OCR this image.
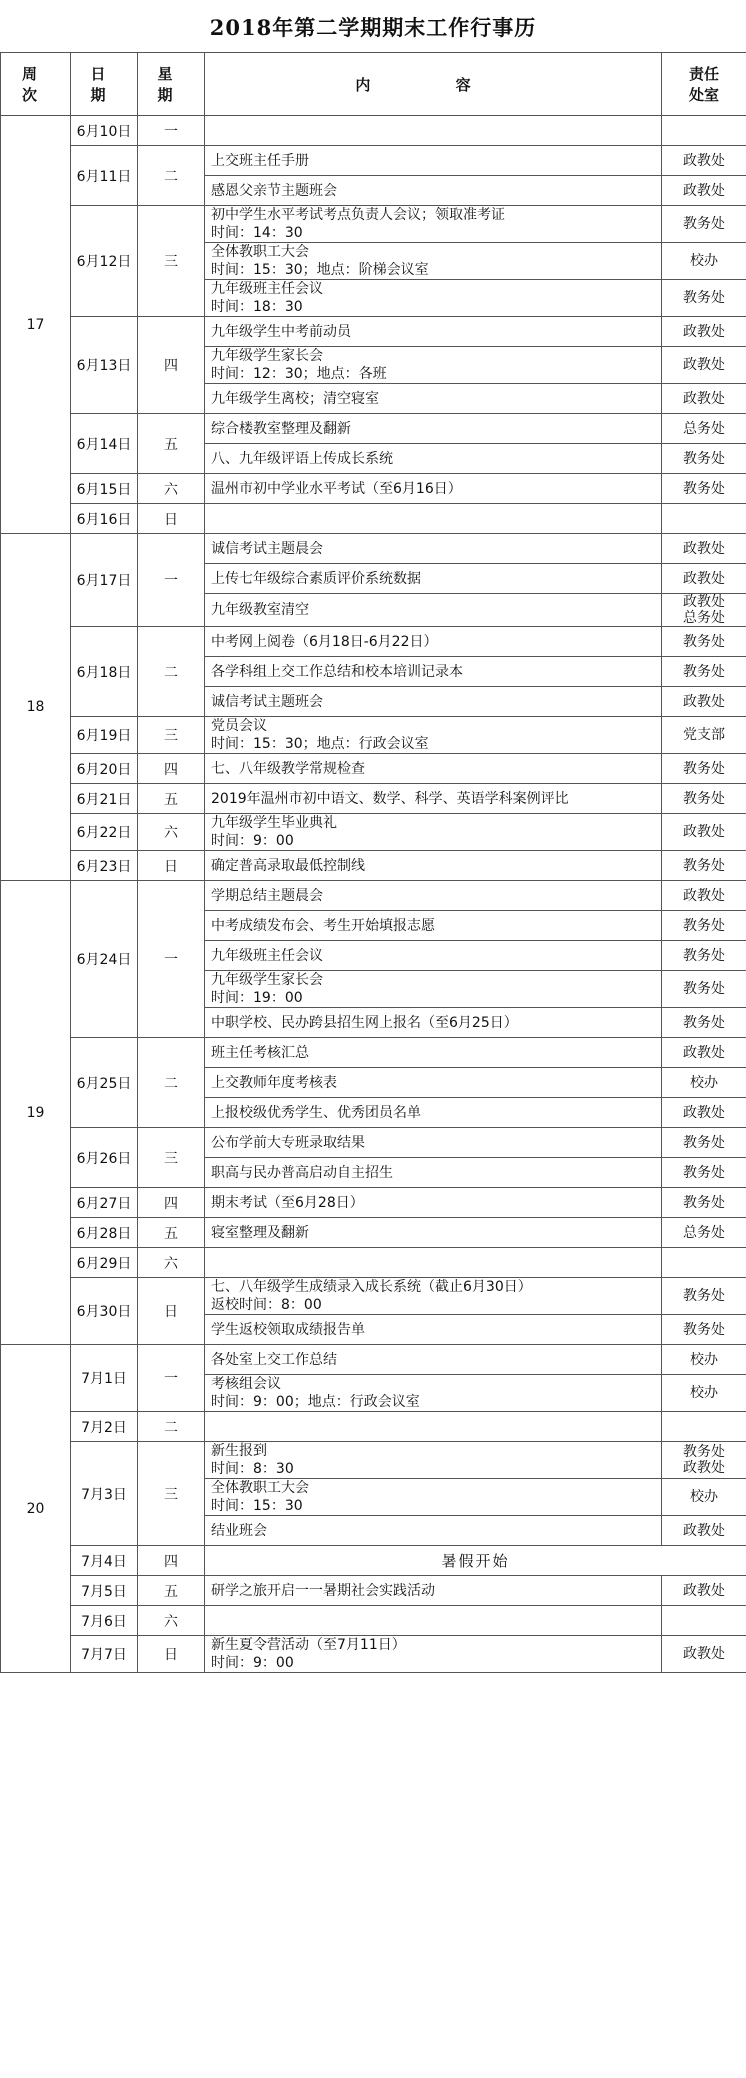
2018年第二学期期末工作行事历
周 次	日 期	星 期	内 容	责任
处室

17	6月10日	一	

	6月11日	二	上交班主任手册	政教处

			感恩父亲节主题班会	政教处

	6月12日	三	初中学生水平考试考点负责人会议；领取准考证
时间：14：30	教务处

			全体教职工大会
时间：15：30；地点：阶梯会议室	校办

			九年级班主任会议
时间：18：30	教务处

	6月13日	四	九年级学生中考前动员	政教处

			九年级学生家长会
时间：12：30；地点：各班	政教处

			九年级学生离校；清空寝室	政教处

	6月14日	五	综合楼教室整理及翻新	总务处

			八、九年级评语上传成长系统	教务处

	6月15日	六	温州市初中学业水平考试（至6月16日）	教务处

	6月16日	日	

18	6月17日	一	诚信考试主题晨会	政教处

			上传七年级综合素质评价系统数据	政教处

			九年级教室清空	政教处
总务处

	6月18日	二	中考网上阅卷（6月18日-6月22日）	教务处

			各学科组上交工作总结和校本培训记录本	教务处

			诚信考试主题班会	政教处

	6月19日	三	党员会议
时间：15：30；地点：行政会议室	党支部

	6月20日	四	七、八年级教学常规检查	教务处

	6月21日	五	2019年温州市初中语文、数学、科学、英语学科案例评比	教务处

	6月22日	六	九年级学生毕业典礼
时间：9：00	政教处

	6月23日	日	确定普高录取最低控制线	教务处

19	6月24日	一	学期总结主题晨会	政教处

			中考成绩发布会、考生开始填报志愿	教务处

			九年级班主任会议	教务处

			九年级学生家长会
时间：19：00	教务处

			中职学校、民办跨县招生网上报名（至6月25日）	教务处

	6月25日	二	班主任考核汇总	政教处

			上交教师年度考核表	校办

			上报校级优秀学生、优秀团员名单	政教处

	6月26日	三	公布学前大专班录取结果	教务处

			职高与民办普高启动自主招生	教务处

	6月27日	四	期末考试（至6月28日）	教务处

	6月28日	五	寝室整理及翻新	总务处

	6月29日	六	

	6月30日	日	七、八年级学生成绩录入成长系统（截止6月30日）
返校时间：8：00	教务处

			学生返校领取成绩报告单	教务处

20	7月1日	一	各处室上交工作总结	校办

			考核组会议
时间：9：00；地点：行政会议室	校办

	7月2日	二	

	7月3日	三	新生报到
时间：8：30	教务处
政教处

			全体教职工大会
时间：15：30	校办

			结业班会	政教处

	7月4日	四	暑假开始	
	7月5日	五	研学之旅开启一一暑期社会实践活动	政教处

	7月6日	六	

	7月7日	日	新生夏令营活动（至7月11日）
时间：9：00	政教处
